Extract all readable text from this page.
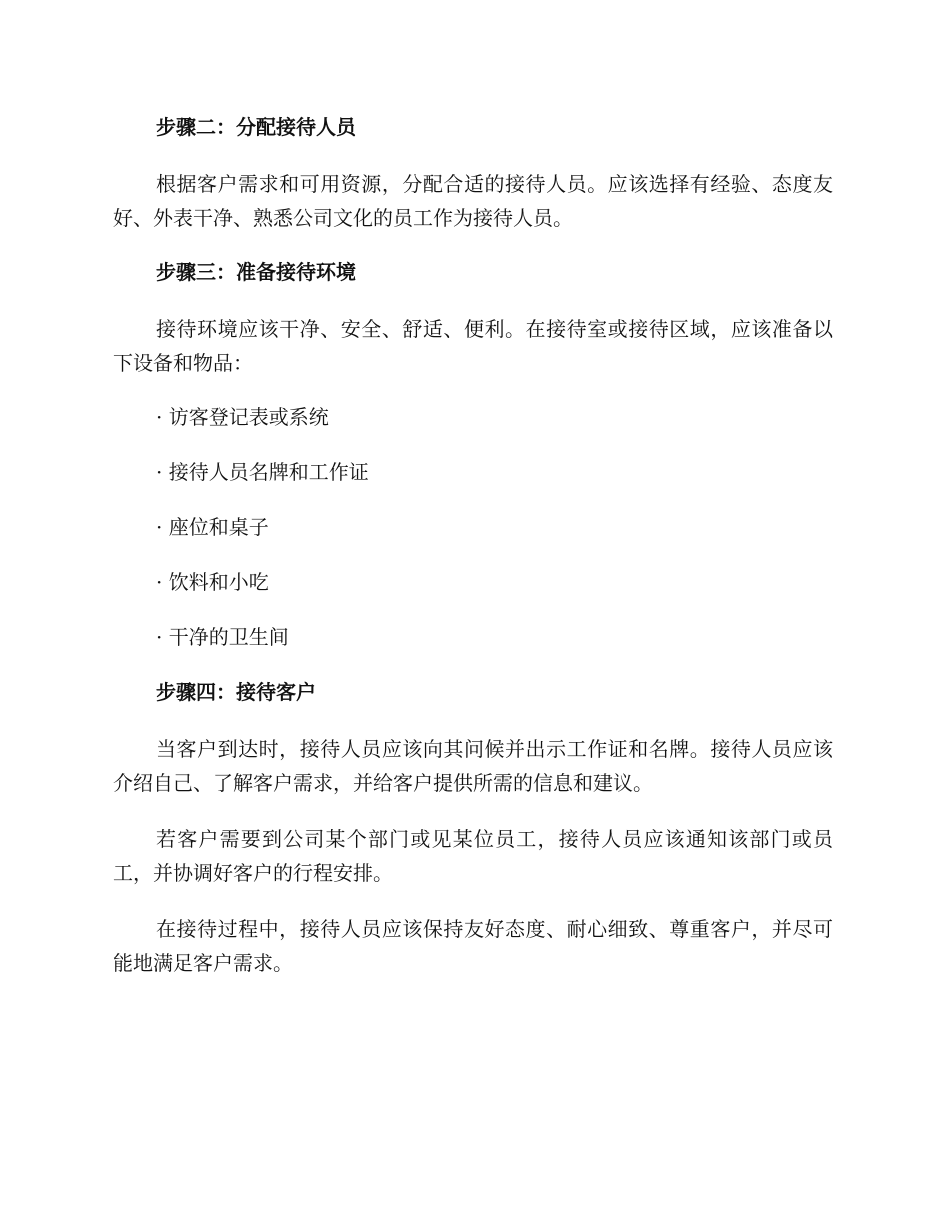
步骤二：分配接待人员

根据客户需求和可用资源，分配合适的接待人员。应该选择有经验、态度友好、外表干净、熟悉公司文化的员工作为接待人员。

步骤三：准备接待环境

接待环境应该干净、安全、舒适、便利。在接待室或接待区域，应该准备以下设备和物品：

· 访客登记表或系统
· 接待人员名牌和工作证
· 座位和桌子
· 饮料和小吃
· 干净的卫生间
步骤四：接待客户

当客户到达时，接待人员应该向其问候并出示工作证和名牌。接待人员应该介绍自己、了解客户需求，并给客户提供所需的信息和建议。

若客户需要到公司某个部门或见某位员工，接待人员应该通知该部门或员工，并协调好客户的行程安排。

在接待过程中，接待人员应该保持友好态度、耐心细致、尊重客户，并尽可能地满足客户需求。
